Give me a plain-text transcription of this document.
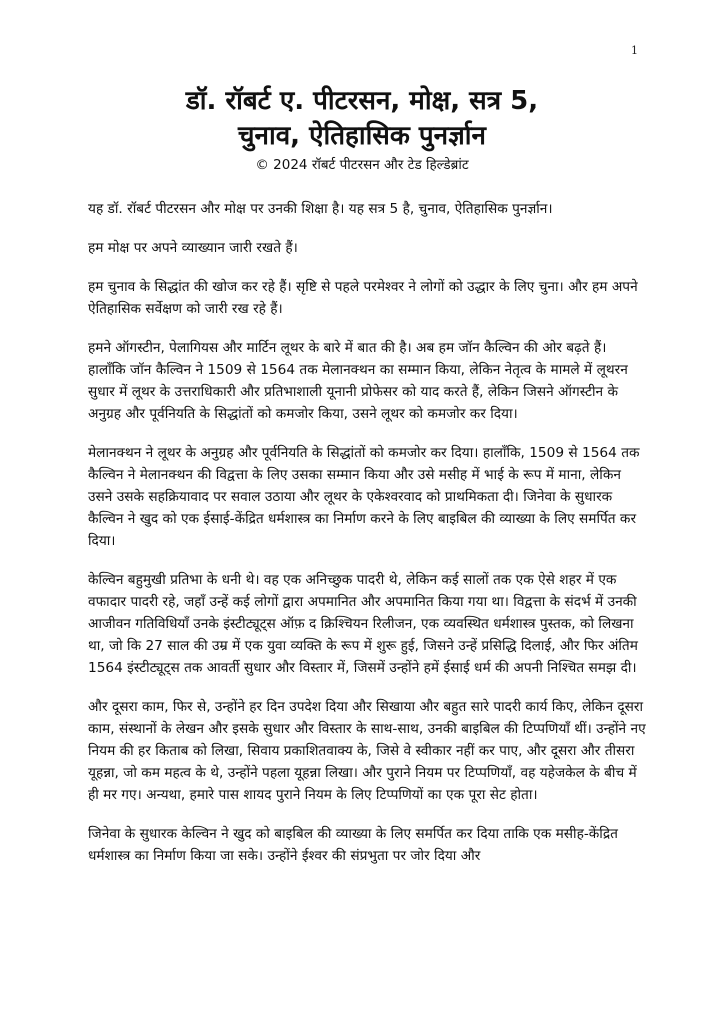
1
डॉ. रॉबर्ट ए. पीटरसन, मोक्ष, सत्र 5,
चुनाव, ऐतिहासिक पुनर्ज्ञान
© 2024 रॉबर्ट पीटरसन और टेड हिल्डेब्रांट

यह डॉ. रॉबर्ट पीटरसन और मोक्ष पर उनकी शिक्षा है। यह सत्र 5 है, चुनाव, ऐतिहासिक पुनर्ज्ञान।

हम मोक्ष पर अपने व्याख्यान जारी रखते हैं।

हम चुनाव के सिद्धांत की खोज कर रहे हैं। सृष्टि से पहले परमेश्वर ने लोगों को उद्धार के लिए चुना। और हम अपने ऐतिहासिक सर्वेक्षण को जारी रख रहे हैं।

हमने ऑगस्टीन, पेलागियस और मार्टिन लूथर के बारे में बात की है। अब हम जॉन कैल्विन की ओर बढ़ते हैं। हालाँकि जॉन कैल्विन ने 1509 से 1564 तक मेलानक्थन का सम्मान किया, लेकिन नेतृत्व के मामले में लूथरन सुधार में लूथर के उत्तराधिकारी और प्रतिभाशाली यूनानी प्रोफेसर को याद करते हैं, लेकिन जिसने ऑगस्टीन के अनुग्रह और पूर्वनियति के सिद्धांतों को कमजोर किया, उसने लूथर को कमजोर कर दिया।

मेलानक्थन ने लूथर के अनुग्रह और पूर्वनियति के सिद्धांतों को कमजोर कर दिया। हालाँकि, 1509 से 1564 तक कैल्विन ने मेलानक्थन की विद्वत्ता के लिए उसका सम्मान किया और उसे मसीह में भाई के रूप में माना, लेकिन उसने उसके सहक्रियावाद पर सवाल उठाया और लूथर के एकेश्वरवाद को प्राथमिकता दी। जिनेवा के सुधारक कैल्विन ने खुद को एक ईसाई-केंद्रित धर्मशास्त्र का निर्माण करने के लिए बाइबिल की व्याख्या के लिए समर्पित कर दिया।

केल्विन बहुमुखी प्रतिभा के धनी थे। वह एक अनिच्छुक पादरी थे, लेकिन कई सालों तक एक ऐसे शहर में एक वफादार पादरी रहे, जहाँ उन्हें कई लोगों द्वारा अपमानित और अपमानित किया गया था। विद्वत्ता के संदर्भ में उनकी आजीवन गतिविधियाँ उनके इंस्टीट्यूट्स ऑफ़ द क्रिश्चियन रिलीजन, एक व्यवस्थित धर्मशास्त्र पुस्तक, को लिखना था, जो कि 27 साल की उम्र में एक युवा व्यक्ति के रूप में शुरू हुई, जिसने उन्हें प्रसिद्धि दिलाई, और फिर अंतिम 1564 इंस्टीट्यूट्स तक आवर्ती सुधार और विस्तार में, जिसमें उन्होंने हमें ईसाई धर्म की अपनी निश्चित समझ दी।

और दूसरा काम, फिर से, उन्होंने हर दिन उपदेश दिया और सिखाया और बहुत सारे पादरी कार्य किए, लेकिन दूसरा काम, संस्थानों के लेखन और इसके सुधार और विस्तार के साथ-साथ, उनकी बाइबिल की टिप्पणियाँ थीं। उन्होंने नए नियम की हर किताब को लिखा, सिवाय प्रकाशितवाक्य के, जिसे वे स्वीकार नहीं कर पाए, और दूसरा और तीसरा यूहन्ना, जो कम महत्व के थे, उन्होंने पहला यूहन्ना लिखा। और पुराने नियम पर टिप्पणियाँ, वह यहेजकेल के बीच में ही मर गए। अन्यथा, हमारे पास शायद पुराने नियम के लिए टिप्पणियों का एक पूरा सेट होता।

जिनेवा के सुधारक केल्विन ने खुद को बाइबिल की व्याख्या के लिए समर्पित कर दिया ताकि एक मसीह-केंद्रित धर्मशास्त्र का निर्माण किया जा सके। उन्होंने ईश्वर की संप्रभुता पर जोर दिया और
